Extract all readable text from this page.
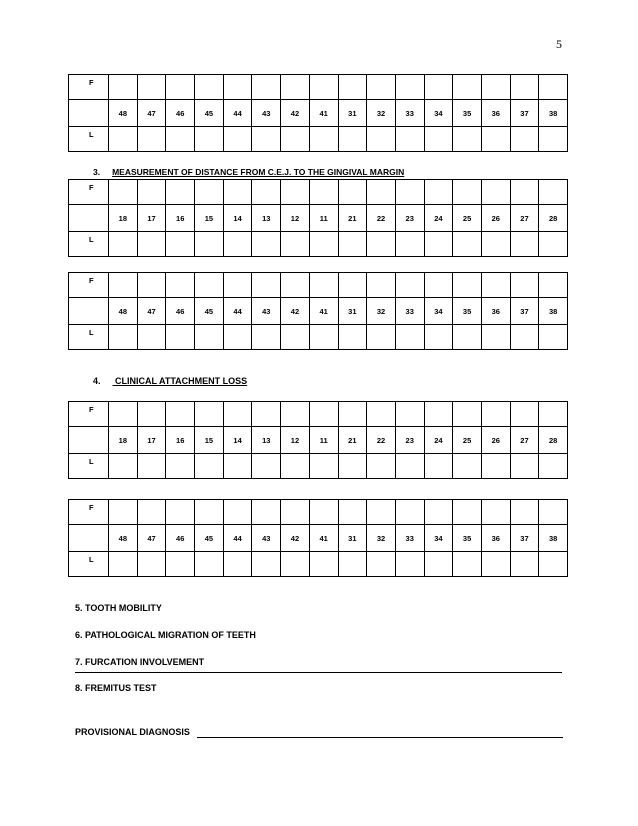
5
F																
	48	47	46	45	44	43	42	41	31	32	33	34	35	36	37	38
L																
3. MEASUREMENT OF DISTANCE FROM C.E.J. TO THE GINGIVAL MARGIN
F																
	18	17	16	15	14	13	12	11	21	22	23	24	25	26	27	28
L																
F																
	48	47	46	45	44	43	42	41	31	32	33	34	35	36	37	38
L																
4. CLINICAL ATTACHMENT LOSS
F																
	18	17	16	15	14	13	12	11	21	22	23	24	25	26	27	28
L																
F																
	48	47	46	45	44	43	42	41	31	32	33	34	35	36	37	38
L																
5. TOOTH MOBILITY
6. PATHOLOGICAL MIGRATION OF TEETH
7. FURCATION INVOLVEMENT
8. FREMITUS TEST
PROVISIONAL DIAGNOSIS
